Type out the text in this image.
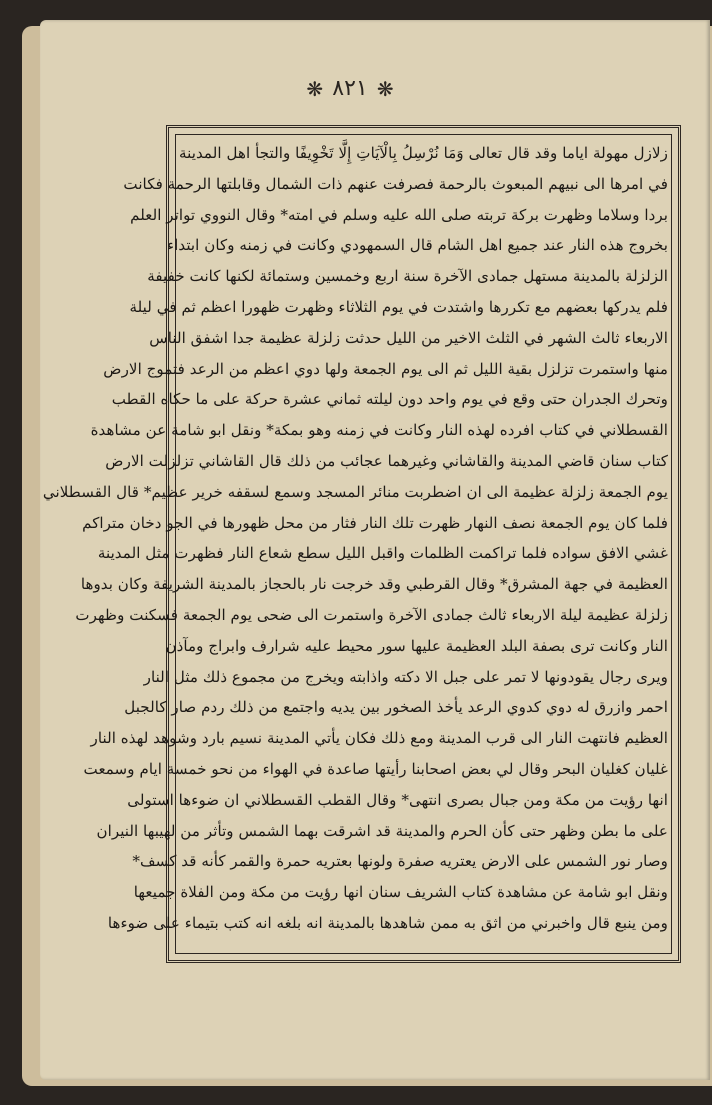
❋ ٨٢١ ❋
زلازل مهولة اياما وقد قال تعالى وَمَا نُرْسِلُ بِالْآيَاتِ إِلَّا تَخْوِيفًا والتجأ اهل المدينة
في امرها الى نبيهم المبعوث بالرحمة فصرفت عنهم ذات الشمال وقابلتها الرحمة فكانت
بردا وسلاما وظهرت بركة تربته صلى الله عليه وسلم في امته* وقال النووي تواتر العلم
بخروج هذه النار عند جميع اهل الشام قال السمهودي وكانت في زمنه وكان ابتداء
الزلزلة بالمدينة مستهل جمادى الآخرة سنة اربع وخمسين وستمائة لكنها كانت خفيفة
فلم يدركها بعضهم مع تكررها واشتدت في يوم الثلاثاء وظهرت ظهورا اعظم ثم في ليلة
الاربعاء ثالث الشهر في الثلث الاخير من الليل حدثت زلزلة عظيمة جدا اشفق الناس
منها واستمرت تزلزل بقية الليل ثم الى يوم الجمعة ولها دوي اعظم من الرعد فتموج الارض
وتحرك الجدران حتى وقع في يوم واحد دون ليلته ثماني عشرة حركة على ما حكاه القطب
القسطلاني في كتاب افرده لهذه النار وكانت في زمنه وهو بمكة* ونقل ابو شامة عن مشاهدة
كتاب سنان قاضي المدينة والقاشاني وغيرهما عجائب من ذلك قال القاشاني تزلزلت الارض
يوم الجمعة زلزلة عظيمة الى ان اضطربت منائر المسجد وسمع لسقفه خرير عظيم* قال القسطلاني
فلما كان يوم الجمعة نصف النهار ظهرت تلك النار فثار من محل ظهورها في الجو دخان متراكم
غشي الافق سواده فلما تراكمت الظلمات واقبل الليل سطع شعاع النار فظهرت مثل المدينة
العظيمة في جهة المشرق* وقال القرطبي وقد خرجت نار بالحجاز بالمدينة الشريفة وكان بدوها
زلزلة عظيمة ليلة الاربعاء ثالث جمادى الآخرة واستمرت الى ضحى يوم الجمعة فسكنت وظهرت
النار وكانت ترى بصفة البلد العظيمة عليها سور محيط عليه شرارف وابراج ومآذن
ويرى رجال يقودونها لا تمر على جبل الا دكته واذابته ويخرج من مجموع ذلك مثل النار
احمر وازرق له دوي كدوي الرعد يأخذ الصخور بين يديه واجتمع من ذلك ردم صار كالجبل
العظيم فانتهت النار الى قرب المدينة ومع ذلك فكان يأتي المدينة نسيم بارد وشوهد لهذه النار
غليان كغليان البحر وقال لي بعض اصحابنا رأيتها صاعدة في الهواء من نحو خمسة ايام وسمعت
انها رؤيت من مكة ومن جبال بصرى انتهى* وقال القطب القسطلاني ان ضوءها استولى
على ما بطن وظهر حتى كأن الحرم والمدينة قد اشرقت بهما الشمس وتأثر من لهيبها النيران
وصار نور الشمس على الارض يعتريه صفرة ولونها بعتريه حمرة والقمر كأنه قد كسف*
ونقل ابو شامة عن مشاهدة كتاب الشريف سنان انها رؤيت من مكة ومن الفلاة جميعها
ومن ينبع قال واخبرني من اثق به ممن شاهدها بالمدينة انه بلغه انه كتب بتيماء على ضوءها
